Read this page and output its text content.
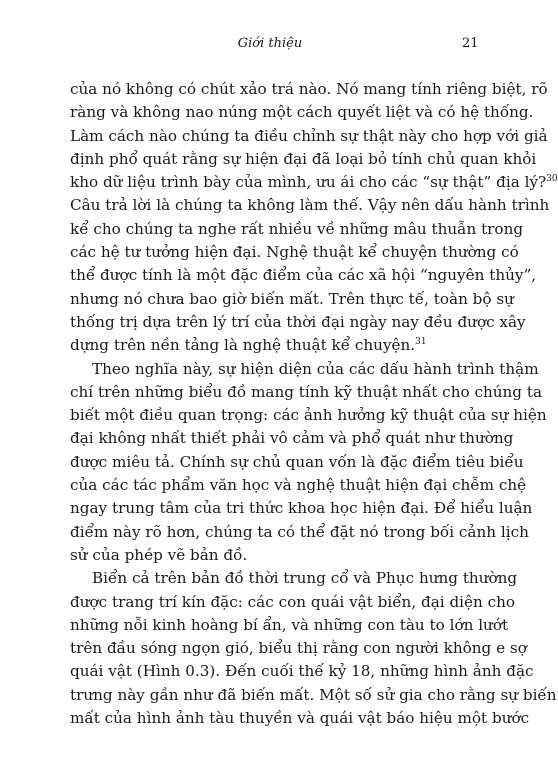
Giới thiệu	21
của nó không có chút xảo trá nào. Nó mang tính riêng biệt, rõ
ràng và không nao núng một cách quyết liệt và có hệ thống.
Làm cách nào chúng ta điều chỉnh sự thật này cho hợp với giả
định phổ quát rằng sự hiện đại đã loại bỏ tính chủ quan khỏi
kho dữ liệu trình bày của mình, ưu ái cho các “sự thật” địa lý?$^{30}$
Câu trả lời là chúng ta không làm thế. Vậy nên dấu hành trình
kể cho chúng ta nghe rất nhiều về những mâu thuẫn trong
các hệ tư tưởng hiện đại. Nghệ thuật kể chuyện thường có
thể được tính là một đặc điểm của các xã hội “nguyên thủy”,
nhưng nó chưa bao giờ biến mất. Trên thực tế, toàn bộ sự
thống trị dựa trên lý trí của thời đại ngày nay đều được xây
dựng trên nền tảng là nghệ thuật kể chuyện.$^{31}$
Theo nghĩa này, sự hiện diện của các dấu hành trình thậm
chí trên những biểu đồ mang tính kỹ thuật nhất cho chúng ta
biết một điều quan trọng: các ảnh hưởng kỹ thuật của sự hiện
đại không nhất thiết phải vô cảm và phổ quát như thường
được miêu tả. Chính sự chủ quan vốn là đặc điểm tiêu biểu
của các tác phẩm văn học và nghệ thuật hiện đại chễm chệ
ngay trung tâm của tri thức khoa học hiện đại. Để hiểu luận
điểm này rõ hơn, chúng ta có thể đặt nó trong bối cảnh lịch
sử của phép vẽ bản đồ.
Biển cả trên bản đồ thời trung cổ và Phục hưng thường
được trang trí kín đặc: các con quái vật biển, đại diện cho
những nỗi kinh hoàng bí ẩn, và những con tàu to lớn lướt
trên đầu sóng ngọn gió, biểu thị rằng con người không e sợ
quái vật (Hình 0.3). Đến cuối thế kỷ 18, những hình ảnh đặc
trưng này gần như đã biến mất. Một số sử gia cho rằng sự biến
mất của hình ảnh tàu thuyền và quái vật báo hiệu một bước
